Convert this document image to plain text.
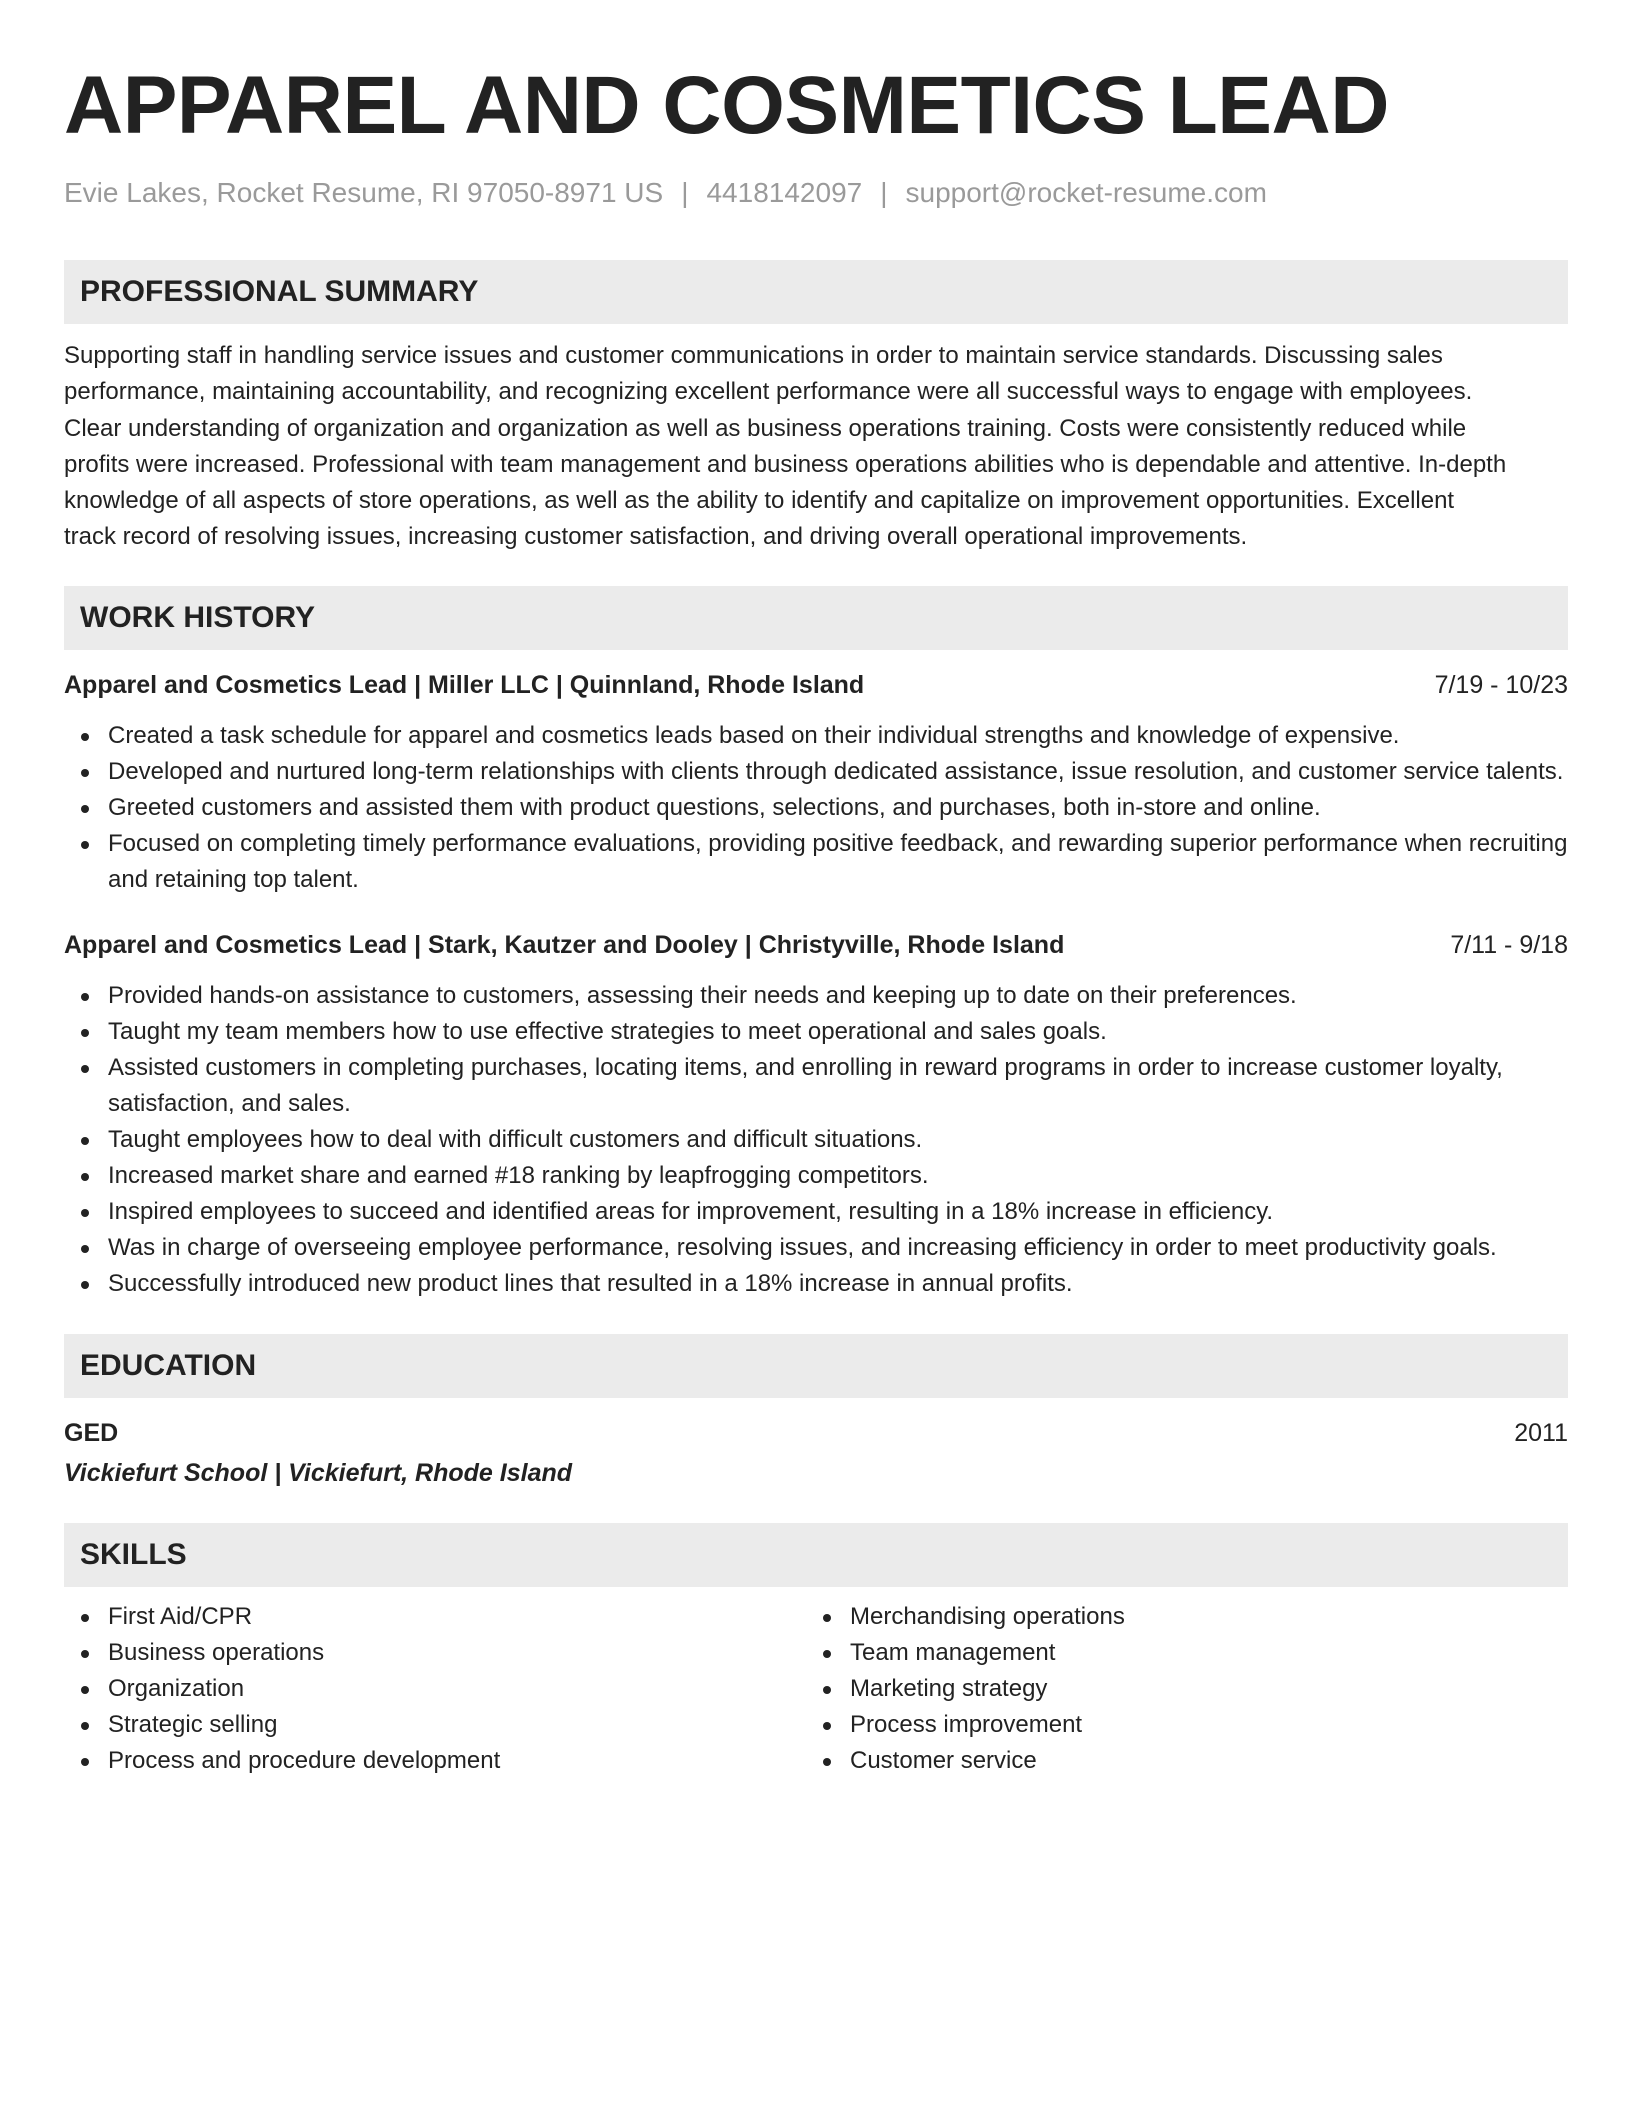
APPAREL AND COSMETICS LEAD
Evie Lakes, Rocket Resume, RI 97050-8971 US | 4418142097 | support@rocket-resume.com
PROFESSIONAL SUMMARY
Supporting staff in handling service issues and customer communications in order to maintain service standards. Discussing sales
performance, maintaining accountability, and recognizing excellent performance were all successful ways to engage with employees.
Clear understanding of organization and organization as well as business operations training. Costs were consistently reduced while
profits were increased. Professional with team management and business operations abilities who is dependable and attentive. In-depth
knowledge of all aspects of store operations, as well as the ability to identify and capitalize on improvement opportunities. Excellent
track record of resolving issues, increasing customer satisfaction, and driving overall operational improvements.
WORK HISTORY
Apparel and Cosmetics Lead | Miller LLC | Quinnland, Rhode Island	7/19 - 10/23
Created a task schedule for apparel and cosmetics leads based on their individual strengths and knowledge of expensive.
Developed and nurtured long-term relationships with clients through dedicated assistance, issue resolution, and customer service talents.
Greeted customers and assisted them with product questions, selections, and purchases, both in-store and online.
Focused on completing timely performance evaluations, providing positive feedback, and rewarding superior performance when recruiting and retaining top talent.
Apparel and Cosmetics Lead | Stark, Kautzer and Dooley | Christyville, Rhode Island	7/11 - 9/18
Provided hands-on assistance to customers, assessing their needs and keeping up to date on their preferences.
Taught my team members how to use effective strategies to meet operational and sales goals.
Assisted customers in completing purchases, locating items, and enrolling in reward programs in order to increase customer loyalty, satisfaction, and sales.
Taught employees how to deal with difficult customers and difficult situations.
Increased market share and earned #18 ranking by leapfrogging competitors.
Inspired employees to succeed and identified areas for improvement, resulting in a 18% increase in efficiency.
Was in charge of overseeing employee performance, resolving issues, and increasing efficiency in order to meet productivity goals.
Successfully introduced new product lines that resulted in a 18% increase in annual profits.
EDUCATION
GED	2011
Vickiefurt School | Vickiefurt, Rhode Island
SKILLS
First Aid/CPR
Business operations
Organization
Strategic selling
Process and procedure development
Merchandising operations
Team management
Marketing strategy
Process improvement
Customer service
